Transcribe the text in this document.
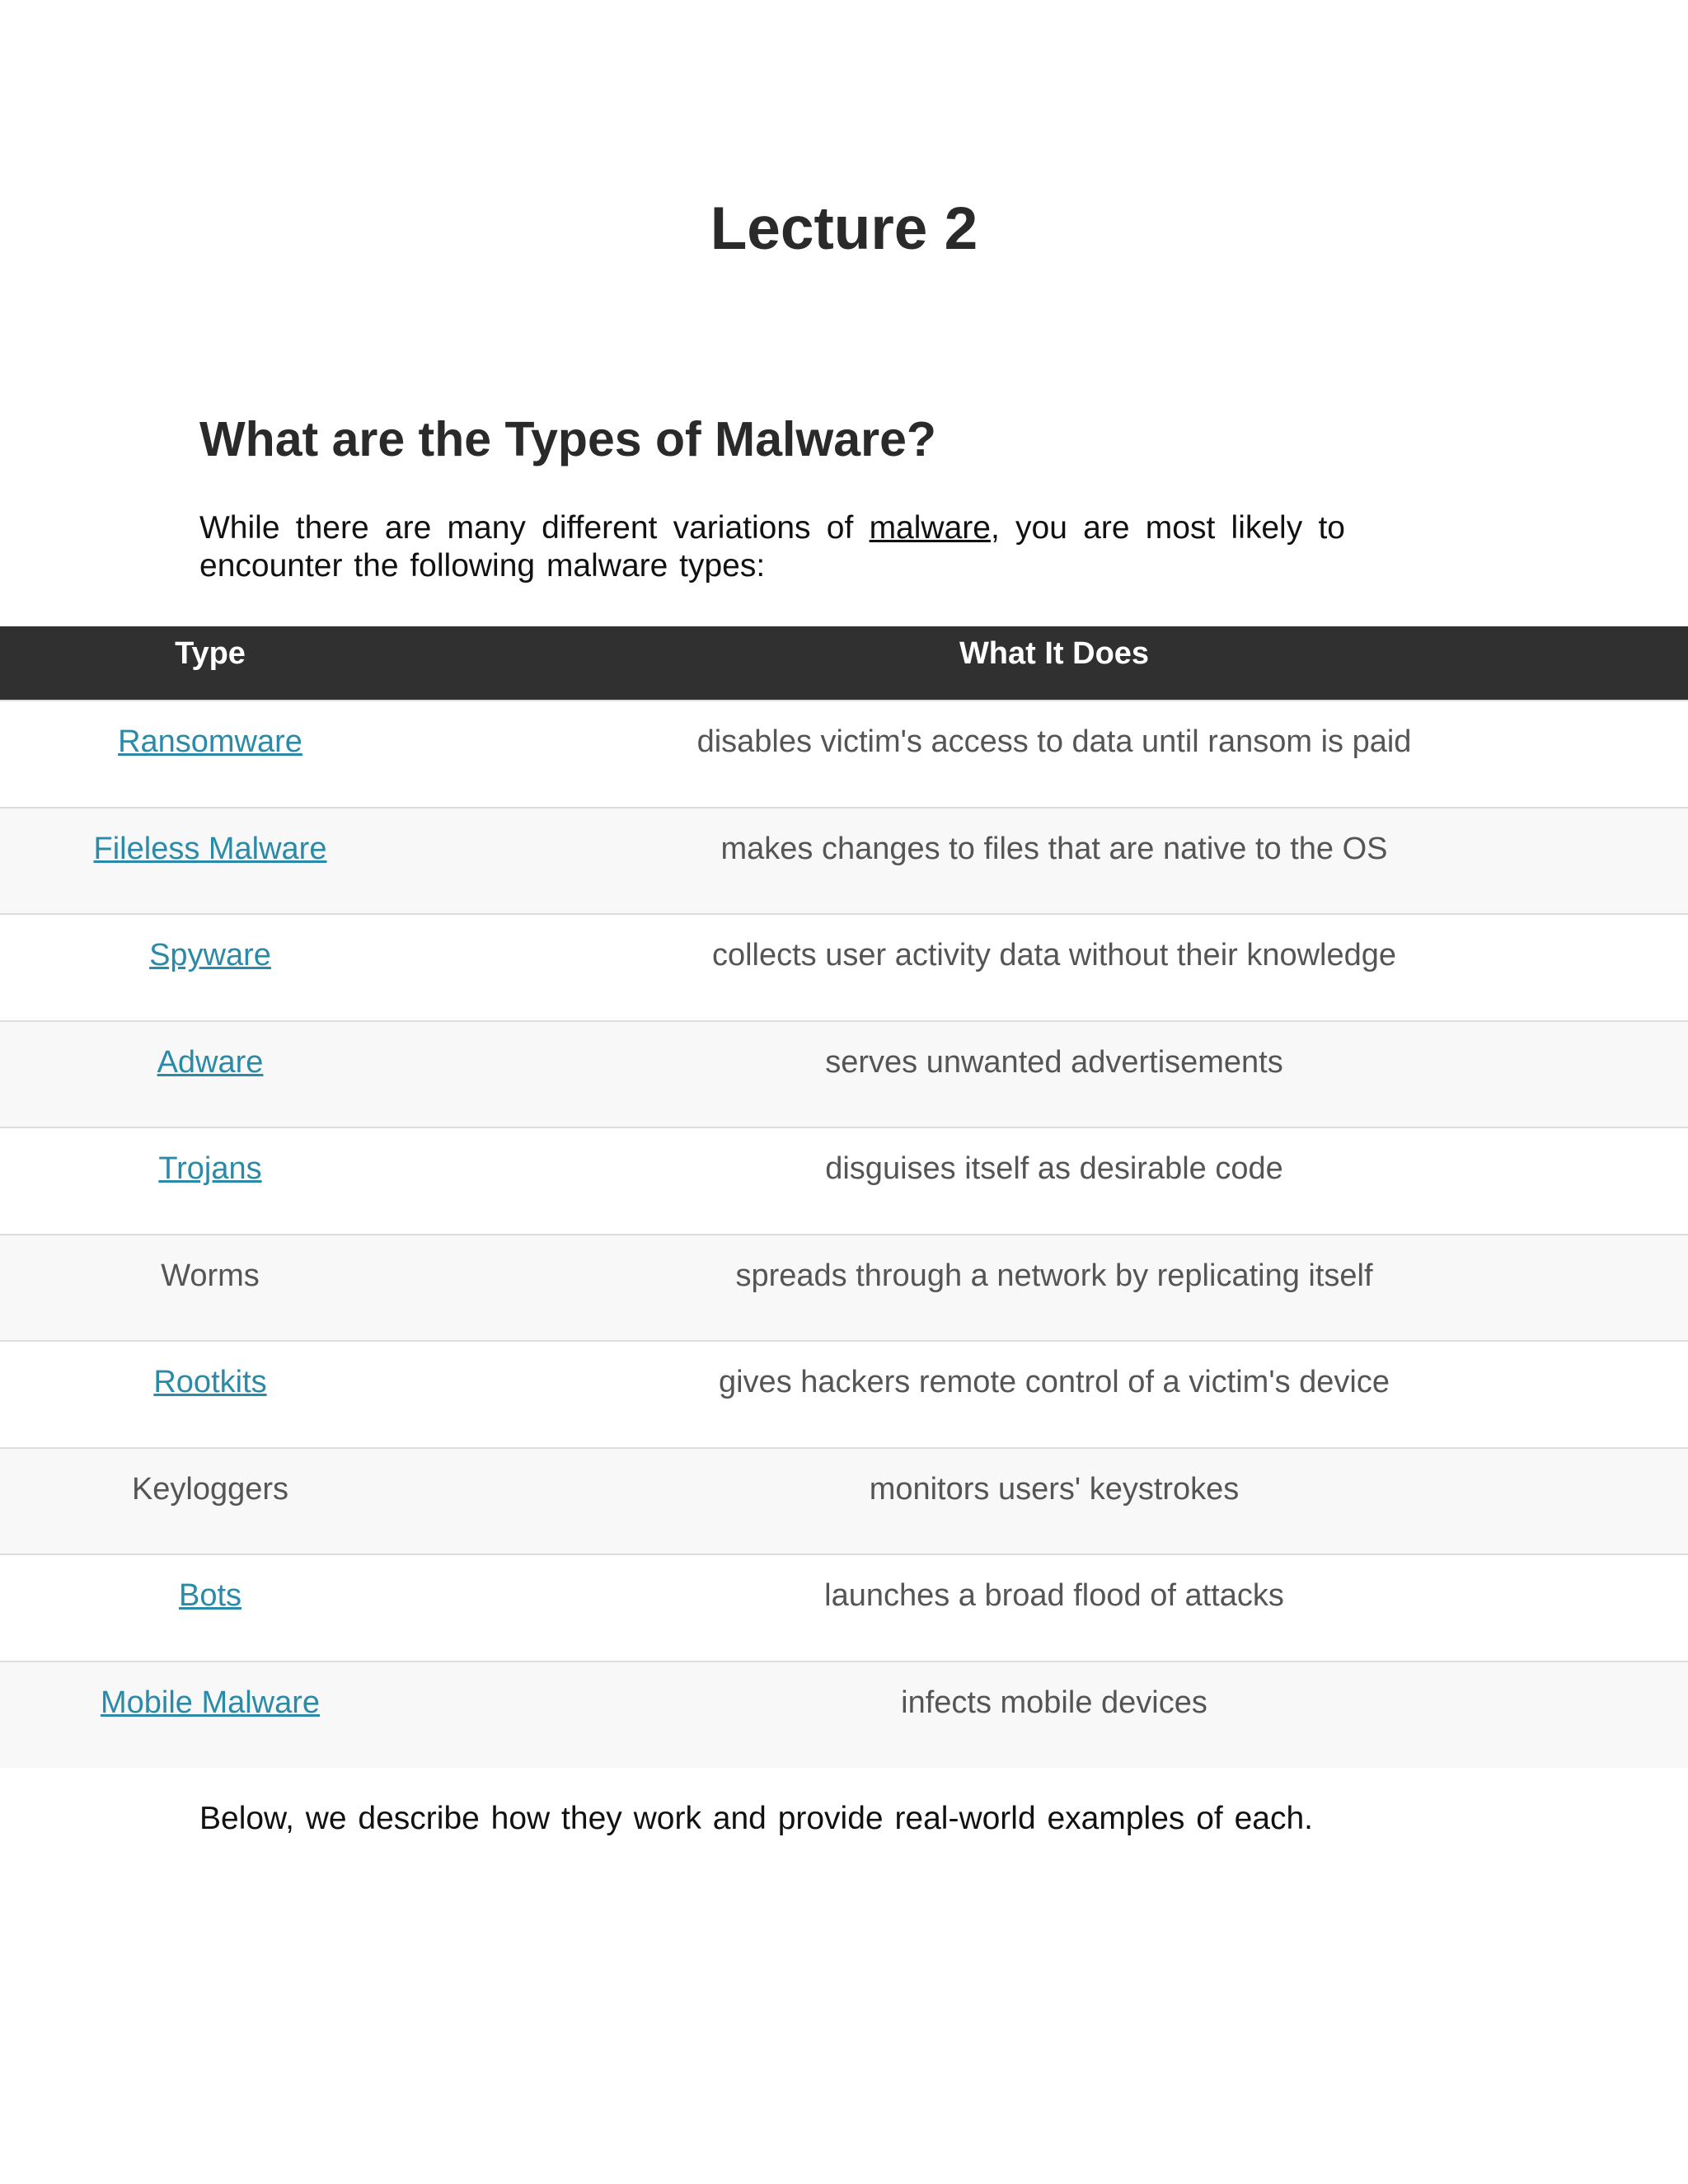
Lecture 2
What are the Types of Malware?

While there are many different variations of malware, you are most likely to encounter the following malware types:

Type	What It Does
Ransomware	disables victim's access to data until ransom is paid
Fileless Malware	makes changes to files that are native to the OS
Spyware	collects user activity data without their knowledge
Adware	serves unwanted advertisements
Trojans	disguises itself as desirable code
Worms	spreads through a network by replicating itself
Rootkits	gives hackers remote control of a victim's device
Keyloggers	monitors users' keystrokes
Bots	launches a broad flood of attacks
Mobile Malware	infects mobile devices

Below, we describe how they work and provide real-world examples of each.
